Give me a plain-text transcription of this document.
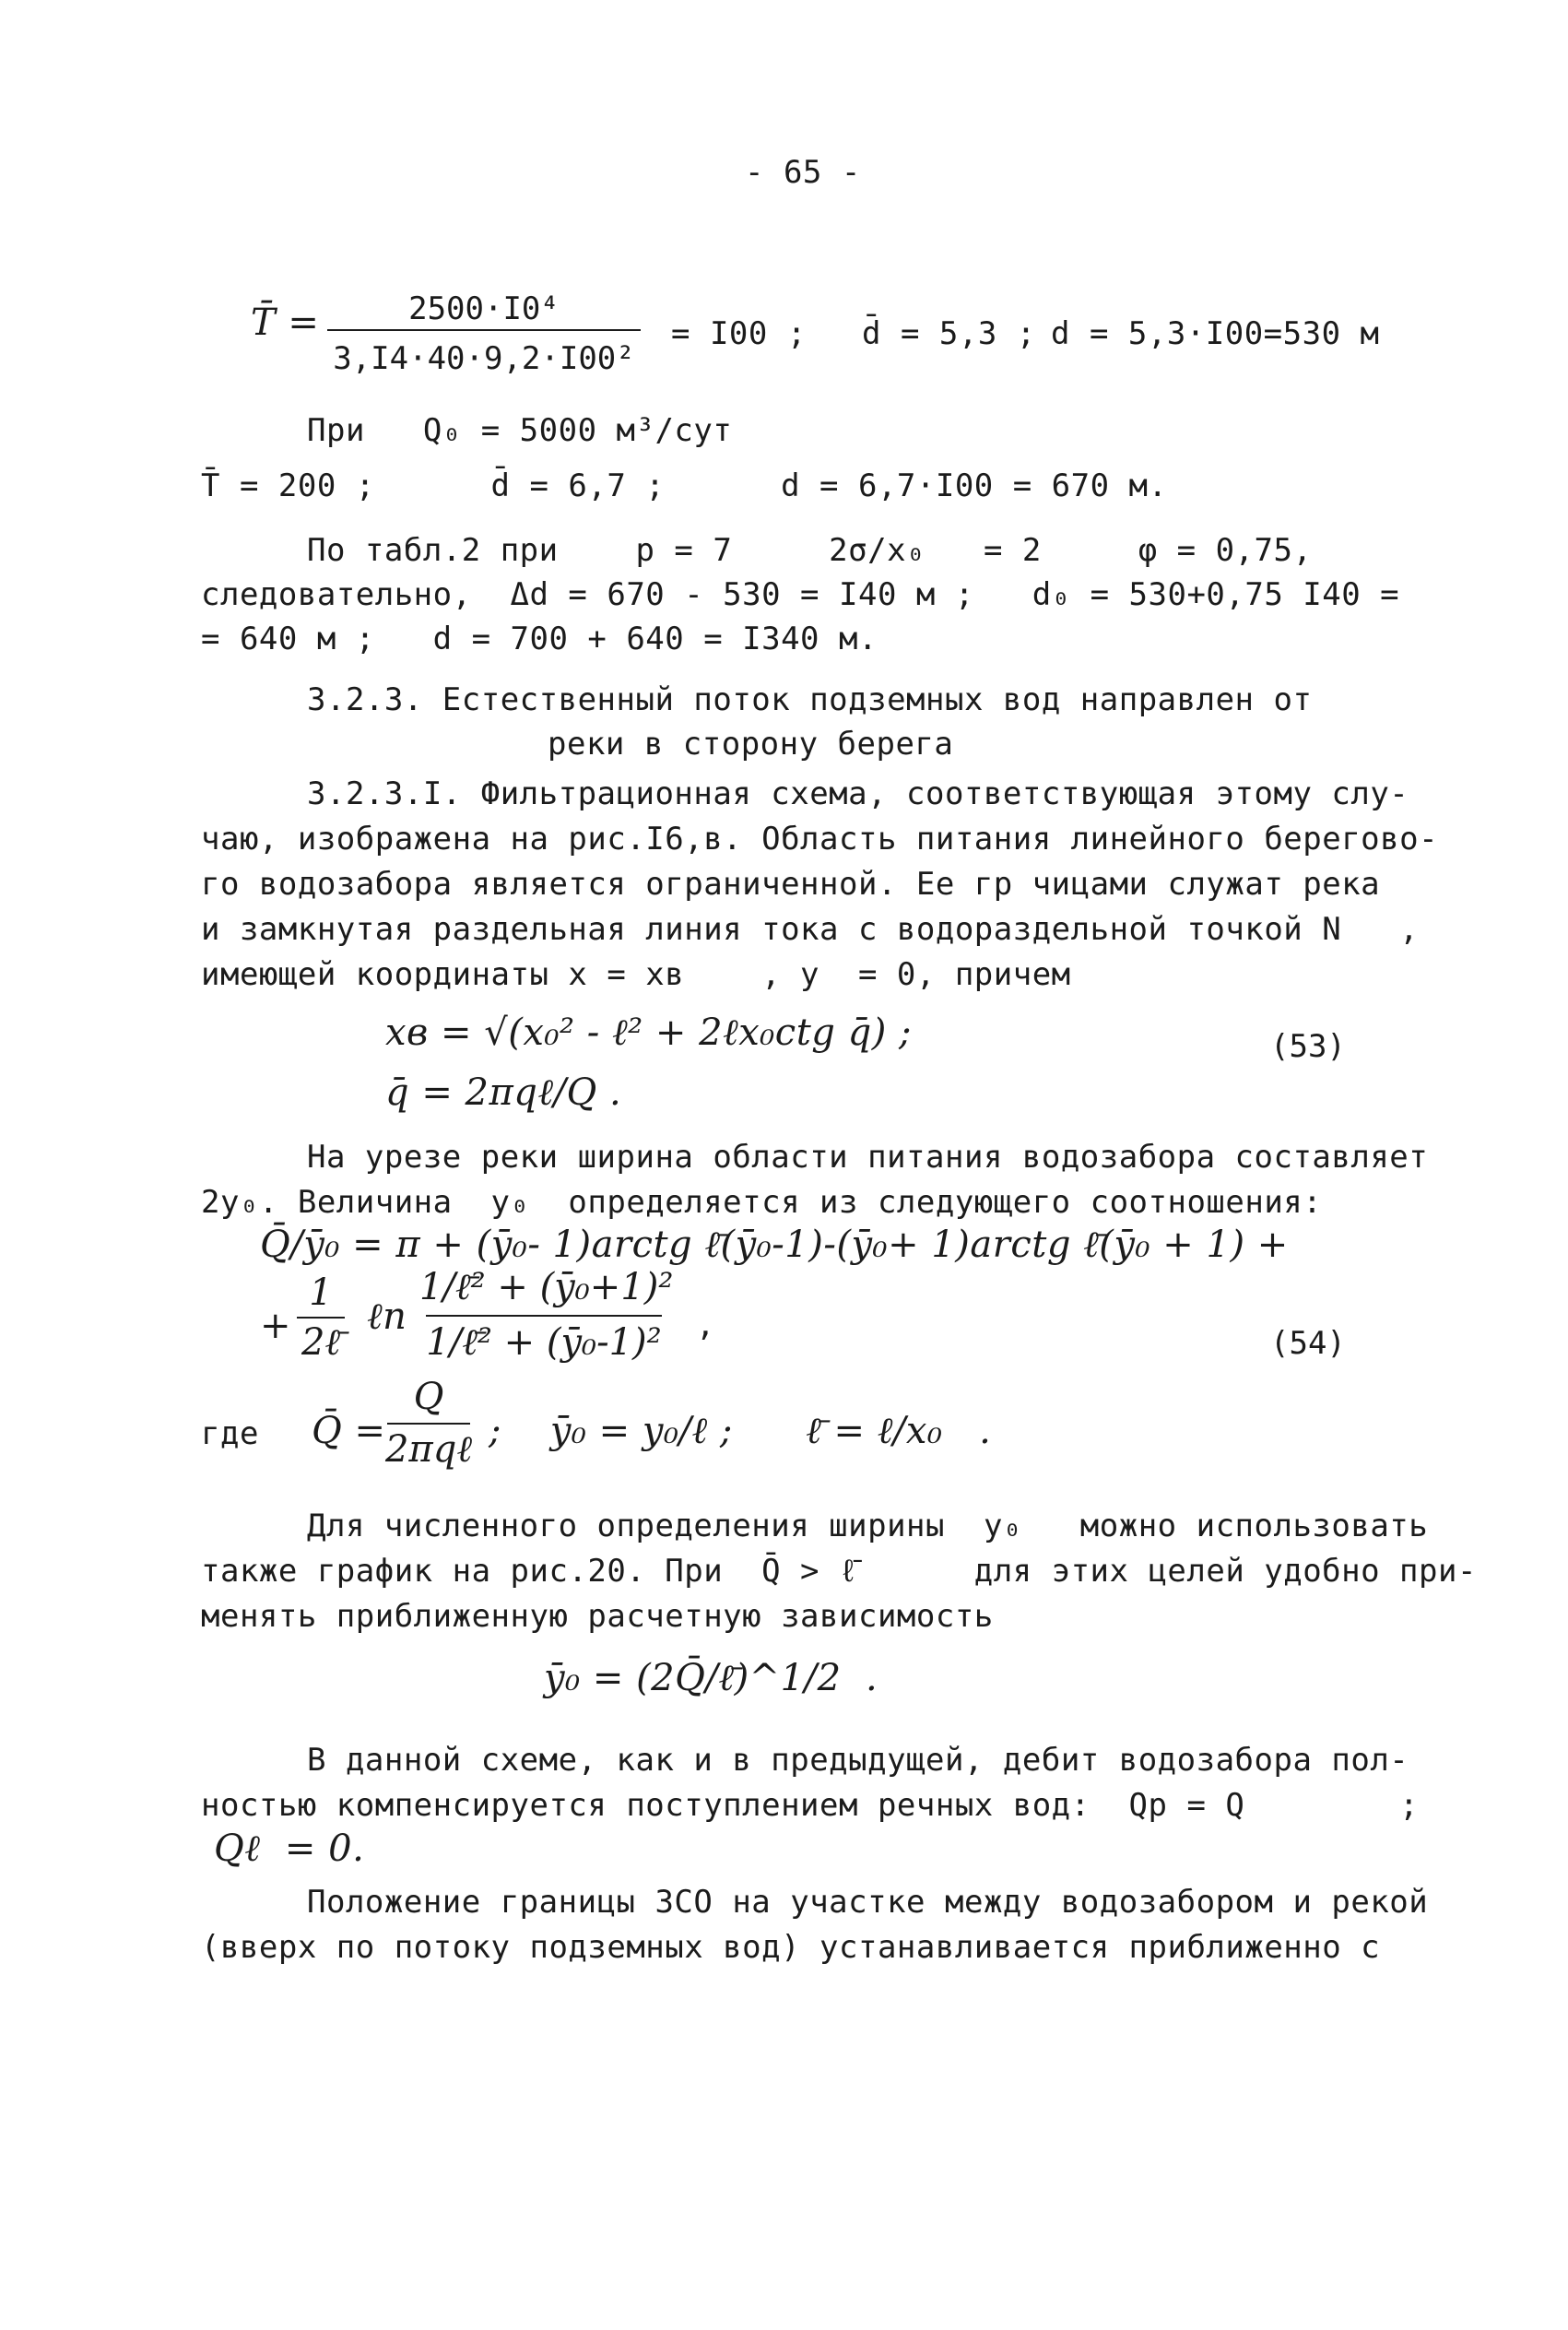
- 65 -
T̄ =	2500·I0⁴
3,I4·40·9,2·I00²
= I00 ; d̄ = 5,3 ; d = 5,3·I00=530 м
При   Q₀ = 5000 м³/сут
T̄ = 200 ;      d̄ = 6,7 ;      d = 6,7·I00 = 670 м.
По табл.2 при    p = 7     2σ/x₀   = 2     φ = 0,75,
следовательно,  Δd = 670 - 530 = I40 м ;   d₀ = 530+0,75 I40 =
= 640 м ;   d = 700 + 640 = I340 м.
3.2.3. Естественный поток подземных вод направлен от
реки в сторону берега
3.2.3.I. Фильтрационная схема, соответствующая этому слу-
чаю, изображена на рис.I6,в. Область питания линейного берегово-
го водозабора является ограниченной. Ее гр чицами служат река
и замкнутая раздельная линия тока с водораздельной точкой N   ,
имеющей координаты x = xв    , y  = 0, причем
xв = √(x₀² - ℓ² + 2ℓx₀ctg q̄) ;
q̄ = 2πqℓ/Q .
(53)
На урезе реки ширина области питания водозабора составляет
2y₀. Величина  y₀  определяется из следующего соотношения:
Q̄/ȳ₀ = π + (ȳ₀- 1)arctg ℓ̄(ȳ₀-1)-(ȳ₀+ 1)arctg ℓ̄(ȳ₀ + 1) +
+
1
2ℓ̄
ℓn
1/ℓ̄² + (ȳ₀+1)²
1/ℓ̄² + (ȳ₀-1)² ,	(54)
где Q̄ =
Q
2πqℓ ;    ȳ₀ = y₀/ℓ ;      ℓ̄ = ℓ/x₀   .
Для численного определения ширины  y₀   можно использовать
также график на рис.20. При  Q̄ > ℓ̄      для этих целей удобно при-
менять приближенную расчетную зависимость
ȳ₀ = (2Q̄/ℓ̄)^1/2  .
В данной схеме, как и в предыдущей, дебит водозабора пол-
ностью компенсируется поступлением речных вод:  Qр = Q        ;
Qℓ  = 0.
Положение границы ЗСО на участке между водозабором и рекой
(вверх по потоку подземных вод) устанавливается приближенно с
